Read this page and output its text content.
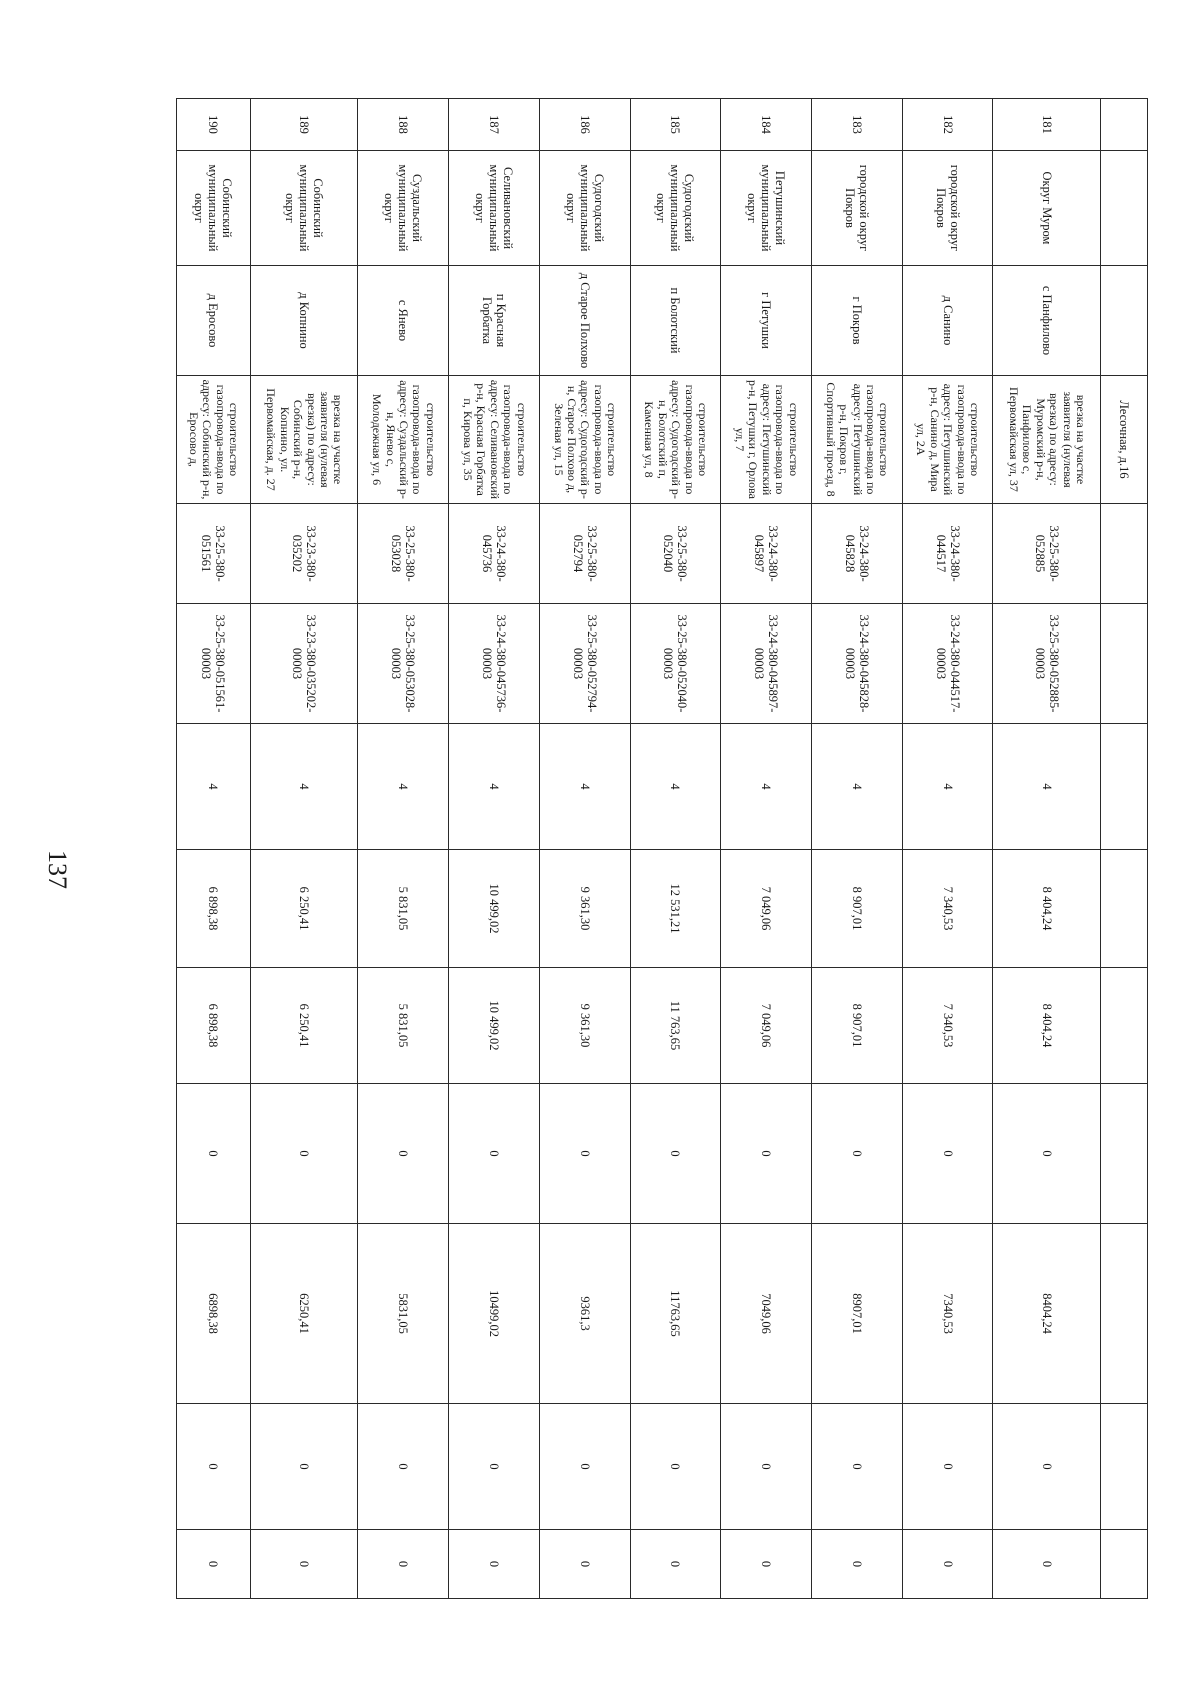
137
			Лесочная, д.16									
181	Округ Муром	с Панфилово	врезка на участке заявителя (нулевая врезка) по адресу: Муромский р-н, Панфилово с, Первомайская ул, 37	33-25-380-052885	33-25-380-052885-00003	4	8 404,24	8 404,24	0	8404,24	0	0
182	городской округ Покров	д Санино	строительство газопровода-ввода по адресу: Петушинский р-н, Санино д, Мира ул, 2А	33-24-380-044517	33-24-380-044517-00003	4	7 340,53	7 340,53	0	7340,53	0	0
183	городской округ Покров	г Покров	строительство газопровода-ввода по адресу: Петушинский р-н, Покров г, Спортивный проезд, 8	33-24-380-045828	33-24-380-045828-00003	4	8 907,01	8 907,01	0	8907,01	0	0
184	Петушинский муниципальный округ	г Петушки	строительство газопровода-ввода по адресу: Петушинский р-н, Петушки г, Орлова ул, 7	33-24-380-045897	33-24-380-045897-00003	4	7 049,06	7 049,06	0	7049,06	0	0
185	Судогодский муниципальный округ	п Болотский	строительство газопровода-ввода по адресу: Судогодский р-н, Болотский п, Каменная ул, 8	33-25-380-052040	33-25-380-052040-00003	4	12 531,21	11 763,65	0	11763,65	0	0
186	Судогодский муниципальный округ	д Старое Полхово	строительство газопровода-ввода по адресу: Судогодский р-н, Старое Полхово д, Зеленая ул, 15	33-25-380-052794	33-25-380-052794-00003	4	9 361,30	9 361,30	0	9361,3	0	0
187	Селивановский муниципальный округ	п Красная Горбатка	строительство газопровода-ввода по адресу: Селивановский р-н, Красная Горбатка п, Кирова ул, 35	33-24-380-045736	33-24-380-045736-00003	4	10 499,02	10 499,02	0	10499,02	0	0
188	Суздальский муниципальный округ	с Янево	строительство газопровода-ввода по адресу: Суздальский р-н, Янево с, Молодежная ул, 6	33-25-380-053028	33-25-380-053028-00003	4	5 831,05	5 831,05	0	5831,05	0	0
189	Собинский муниципальный округ	д Копнино	врезка на участке заявителя (нулевая врезка) по адресу: Собинский р-н, Копнино, ул. Первомайская, д. 27	33-23-380-035202	33-23-380-035202-00003	4	6 250,41	6 250,41	0	6250,41	0	0
190	Собинский муниципальный округ	д Еросово	строительство газопровода-ввода по адресу: Собинский р-н, Еросово д,	33-25-380-051561	33-25-380-051561-00003	4	6 898,38	6 898,38	0	6898,38	0	0
